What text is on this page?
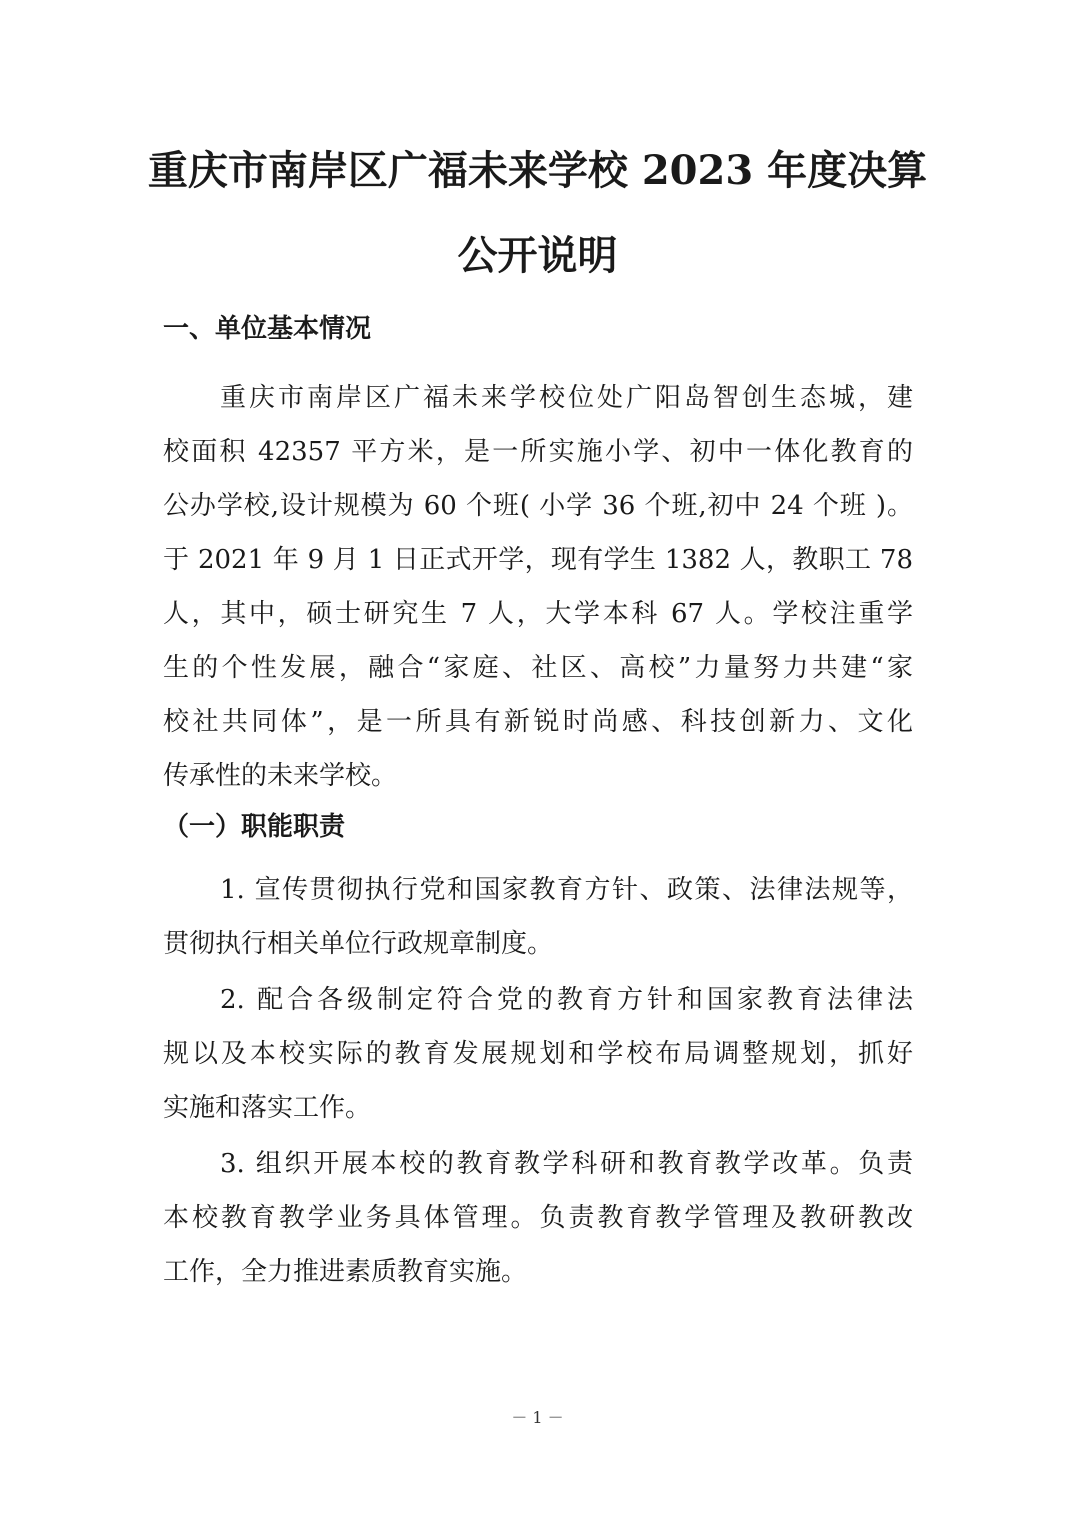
重庆市南岸区广福未来学校 2023 年度决算
公开说明
一、单位基本情况
重庆市南岸区广福未来学校位处广阳岛智创生态城，建
校面积 42357 平方米，是一所实施小学、初中一体化教育的
公办学校,设计规模为 60 个班( 小学 36 个班,初中 24 个班 )。
于 2021 年 9 月 1 日正式开学，现有学生 1382 人，教职工 78
人，其中，硕士研究生 7 人，大学本科 67 人。学校注重学
生的个性发展，融合“家庭、社区、高校”力量努力共建“家
校社共同体”，是一所具有新锐时尚感、科技创新力、文化
传承性的未来学校。
（一）职能职责
1. 宣传贯彻执行党和国家教育方针、政策、法律法规等，
贯彻执行相关单位行政规章制度。
2. 配合各级制定符合党的教育方针和国家教育法律法
规以及本校实际的教育发展规划和学校布局调整规划，抓好
实施和落实工作。
3. 组织开展本校的教育教学科研和教育教学改革。负责
本校教育教学业务具体管理。负责教育教学管理及教研教改
工作，全力推进素质教育实施。
－ 1 －
